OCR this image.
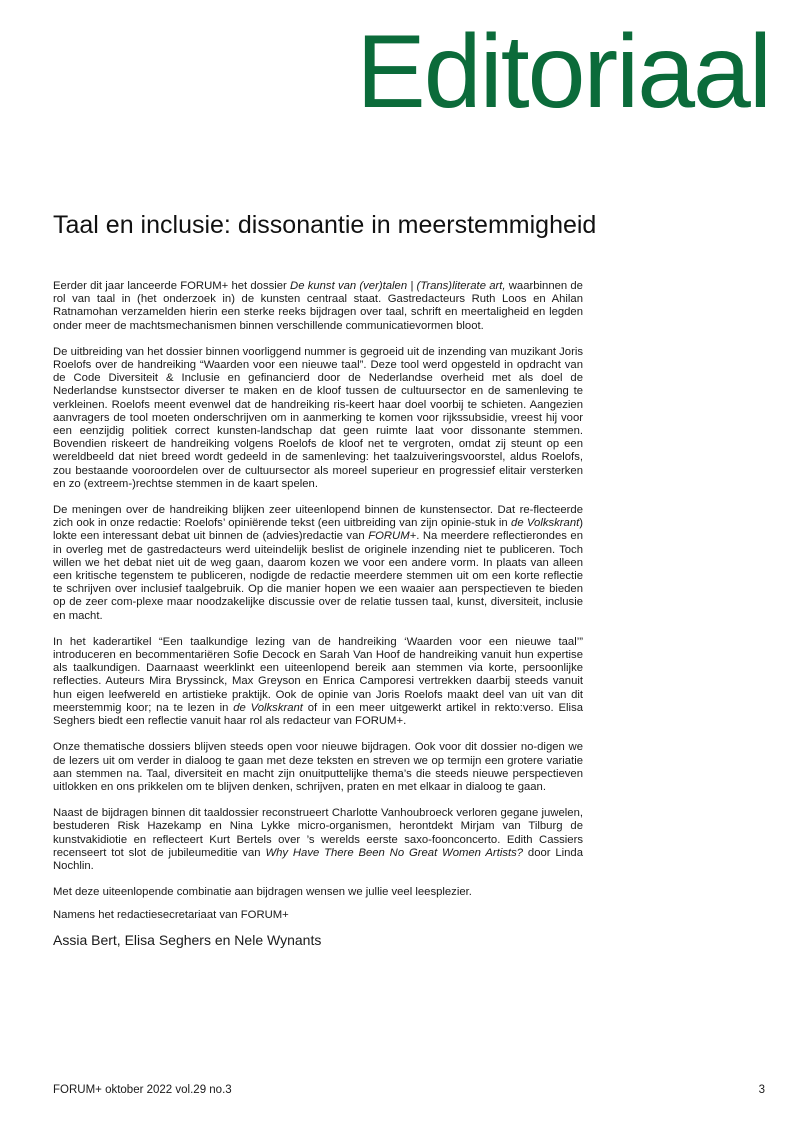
Editoriaal
Taal en inclusie: dissonantie in meerstemmigheid

Eerder dit jaar lanceerde FORUM+ het dossier De kunst van (ver)talen | (Trans)literate art, waarbinnen de rol van taal in (het onderzoek in) de kunsten centraal staat. Gastredacteurs Ruth Loos en Ahilan Ratnamohan verzamelden hierin een sterke reeks bijdragen over taal, schrift en meertaligheid en legden onder meer de machtsmechanismen binnen verschillende communicatievormen bloot.

De uitbreiding van het dossier binnen voorliggend nummer is gegroeid uit de inzending van muzikant Joris Roelofs over de handreiking “Waarden voor een nieuwe taal”. Deze tool werd opgesteld in opdracht van de Code Diversiteit & Inclusie en gefinancierd door de Nederlandse overheid met als doel de Nederlandse kunstsector diverser te maken en de kloof tussen de cultuursector en de samenleving te verkleinen. Roelofs meent evenwel dat de handreiking ris-keert haar doel voorbij te schieten. Aangezien aanvragers de tool moeten onderschrijven om in aanmerking te komen voor rijkssubsidie, vreest hij voor een eenzijdig politiek correct kunsten-landschap dat geen ruimte laat voor dissonante stemmen. Bovendien riskeert de handreiking volgens Roelofs de kloof net te vergroten, omdat zij steunt op een wereldbeeld dat niet breed wordt gedeeld in de samenleving: het taalzuiveringsvoorstel, aldus Roelofs, zou bestaande vooroordelen over de cultuursector als moreel superieur en progressief elitair versterken en zo (extreem-)rechtse stemmen in de kaart spelen.

De meningen over de handreiking blijken zeer uiteenlopend binnen de kunstensector. Dat re-flecteerde zich ook in onze redactie: Roelofs’ opiniërende tekst (een uitbreiding van zijn opinie-stuk in de Volkskrant) lokte een interessant debat uit binnen de (advies)redactie van FORUM+. Na meerdere reflectierondes en in overleg met de gastredacteurs werd uiteindelijk beslist de originele inzending niet te publiceren. Toch willen we het debat niet uit de weg gaan, daarom kozen we voor een andere vorm. In plaats van alleen een kritische tegenstem te publiceren, nodigde de redactie meerdere stemmen uit om een korte reflectie te schrijven over inclusief taalgebruik. Op die manier hopen we een waaier aan perspectieven te bieden op de zeer com-plexe maar noodzakelijke discussie over de relatie tussen taal, kunst, diversiteit, inclusie en macht.

In het kaderartikel “Een taalkundige lezing van de handreiking ‘Waarden voor een nieuwe taal’” introduceren en becommentariëren Sofie Decock en Sarah Van Hoof de handreiking vanuit hun expertise als taalkundigen. Daarnaast weerklinkt een uiteenlopend bereik aan stemmen via korte, persoonlijke reflecties. Auteurs Mira Bryssinck, Max Greyson en Enrica Camporesi vertrekken daarbij steeds vanuit hun eigen leefwereld en artistieke praktijk. Ook de opinie van Joris Roelofs maakt deel van uit van dit meerstemmig koor; na te lezen in de Volkskrant of in een meer uitgewerkt artikel in rekto:verso. Elisa Seghers biedt een reflectie vanuit haar rol als redacteur van FORUM+.

Onze thematische dossiers blijven steeds open voor nieuwe bijdragen. Ook voor dit dossier no-digen we de lezers uit om verder in dialoog te gaan met deze teksten en streven we op termijn een grotere variatie aan stemmen na. Taal, diversiteit en macht zijn onuitputtelijke thema’s die steeds nieuwe perspectieven uitlokken en ons prikkelen om te blijven denken, schrijven, praten en met elkaar in dialoog te gaan.

Naast de bijdragen binnen dit taaldossier reconstrueert Charlotte Vanhoubroeck verloren gegane juwelen, bestuderen Risk Hazekamp en Nina Lykke micro-organismen, herontdekt Mirjam van Tilburg de kunstvakidiotie en reflecteert Kurt Bertels over ’s werelds eerste saxo-foonconcerto. Edith Cassiers recenseert tot slot de jubileumeditie van Why Have There Been No Great Women Artists? door Linda Nochlin.

Met deze uiteenlopende combinatie aan bijdragen wensen we jullie veel leesplezier.

Namens het redactiesecretariaat van FORUM+

Assia Bert, Elisa Seghers en Nele Wynants

FORUM+ oktober 2022 vol.29 no.3	3
